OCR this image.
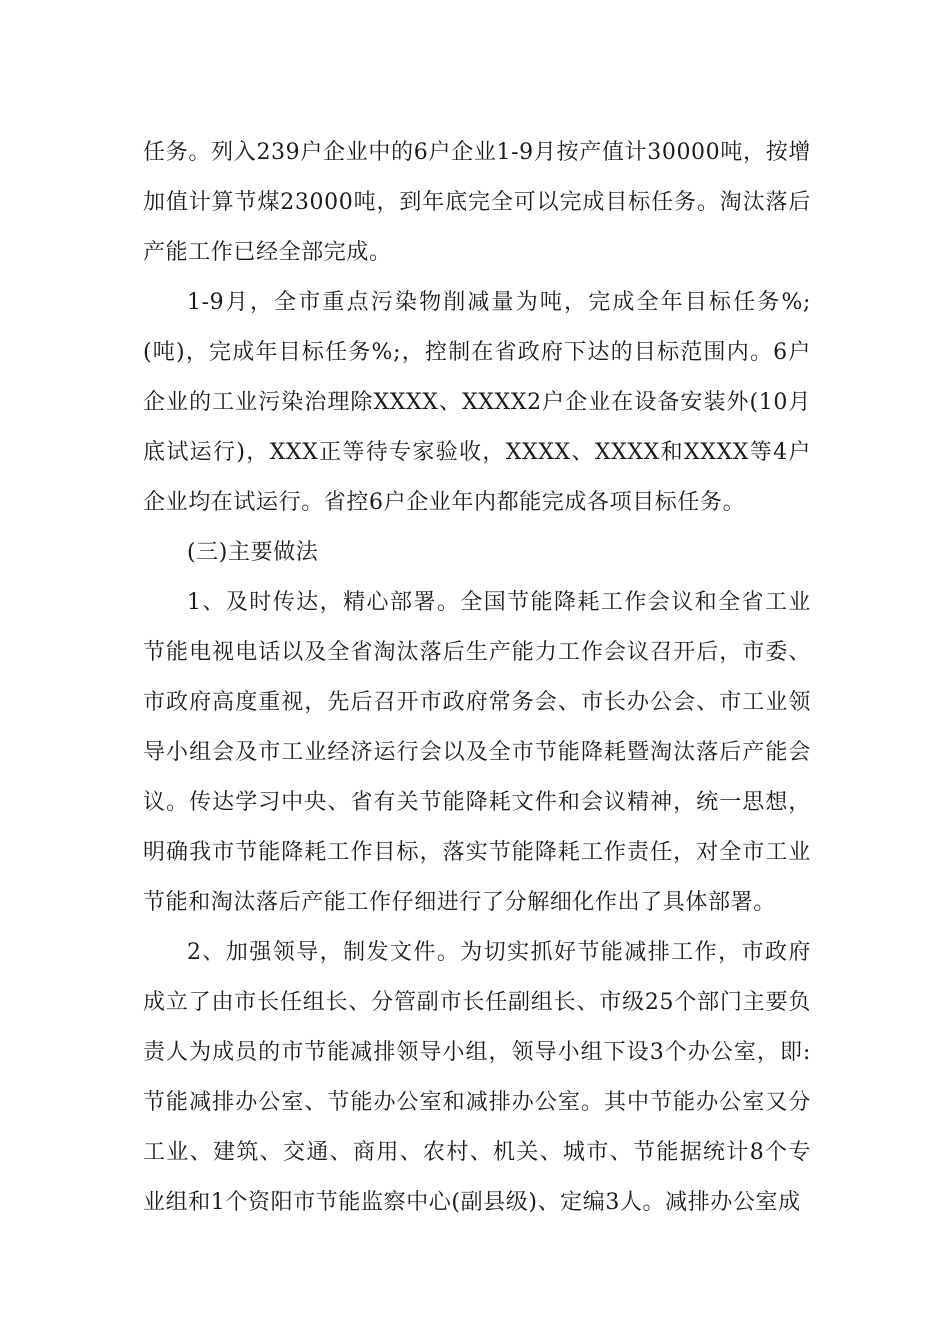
任务。列入239户企业中的6户企业1-9月按产值计30000吨，按增加值计算节煤23000吨，到年底完全可以完成目标任务。淘汰落后产能工作已经全部完成。

1-9月，全市重点污染物削减量为吨，完成全年目标任务%;(吨)，完成年目标任务%;，控制在省政府下达的目标范围内。6户企业的工业污染治理除XXXX、XXXX2户企业在设备安装外(10月底试运行)，XXX正等待专家验收，XXXX、XXXX和XXXX等4户企业均在试运行。省控6户企业年内都能完成各项目标任务。

(三)主要做法

1、及时传达，精心部署。全国节能降耗工作会议和全省工业节能电视电话以及全省淘汰落后生产能力工作会议召开后，市委、市政府高度重视，先后召开市政府常务会、市长办公会、市工业领导小组会及市工业经济运行会以及全市节能降耗暨淘汰落后产能会议。传达学习中央、省有关节能降耗文件和会议精神，统一思想，明确我市节能降耗工作目标，落实节能降耗工作责任，对全市工业节能和淘汰落后产能工作仔细进行了分解细化作出了具体部署。

2、加强领导，制发文件。为切实抓好节能减排工作，市政府成立了由市长任组长、分管副市长任副组长、市级25个部门主要负责人为成员的市节能减排领导小组，领导小组下设3个办公室，即:节能减排办公室、节能办公室和减排办公室。其中节能办公室又分工业、建筑、交通、商用、农村、机关、城市、节能据统计8个专业组和1个资阳市节能监察中心(副县级)、定编3人。减排办公室成
